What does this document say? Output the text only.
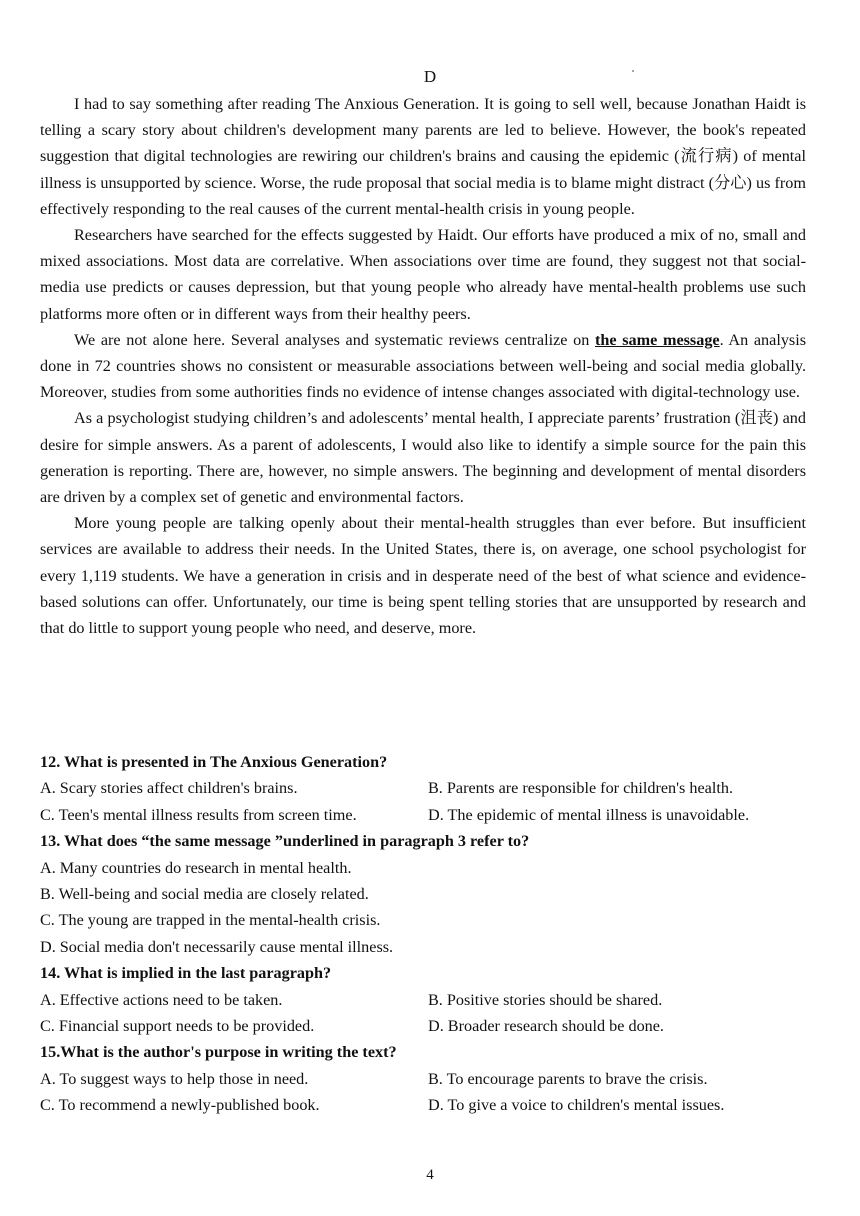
D

I had to say something after reading The Anxious Generation. It is going to sell well, because Jonathan Haidt is telling a scary story about children's development many parents are led to believe. However, the book's repeated suggestion that digital technologies are rewiring our children's brains and causing the epidemic (流行病) of mental illness is unsupported by science. Worse, the rude proposal that social media is to blame might distract (分心) us from effectively responding to the real causes of the current mental-health crisis in young people.

Researchers have searched for the effects suggested by Haidt. Our efforts have produced a mix of no, small and mixed associations. Most data are correlative. When associations over time are found, they suggest not that social-media use predicts or causes depression, but that young people who already have mental-health problems use such platforms more often or in different ways from their healthy peers.

We are not alone here. Several analyses and systematic reviews centralize on the same message. An analysis done in 72 countries shows no consistent or measurable associations between well-being and social media globally. Moreover, studies from some authorities finds no evidence of intense changes associated with digital-technology use.

As a psychologist studying children’s and adolescents’ mental health, I appreciate parents’ frustration (沮丧) and desire for simple answers. As a parent of adolescents, I would also like to identify a simple source for the pain this generation is reporting. There are, however, no simple answers. The beginning and development of mental disorders are driven by a complex set of genetic and environmental factors.

More young people are talking openly about their mental-health struggles than ever before. But insufficient services are available to address their needs. In the United States, there is, on average, one school psychologist for every 1,119 students. We have a generation in crisis and in desperate need of the best of what science and evidence-based solutions can offer. Unfortunately, our time is being spent telling stories that are unsupported by research and that do little to support young people who need, and deserve, more.

12. What is presented in The Anxious Generation?
A. Scary stories affect children's brains.	B. Parents are responsible for children's health.
C. Teen's mental illness results from screen time.	D. The epidemic of mental illness is unavoidable.
13. What does “the same message ”underlined in paragraph 3 refer to?
A. Many countries do research in mental health.
B. Well-being and social media are closely related.
C. The young are trapped in the mental-health crisis.
D. Social media don't necessarily cause mental illness.
14. What is implied in the last paragraph?
A. Effective actions need to be taken.	B. Positive stories should be shared.
C. Financial support needs to be provided.	D. Broader research should be done.
15.What is the author's purpose in writing the text?
A. To suggest ways to help those in need.	B. To encourage parents to brave the crisis.
C. To recommend a newly-published book.	D. To give a voice to children's mental issues.
4
